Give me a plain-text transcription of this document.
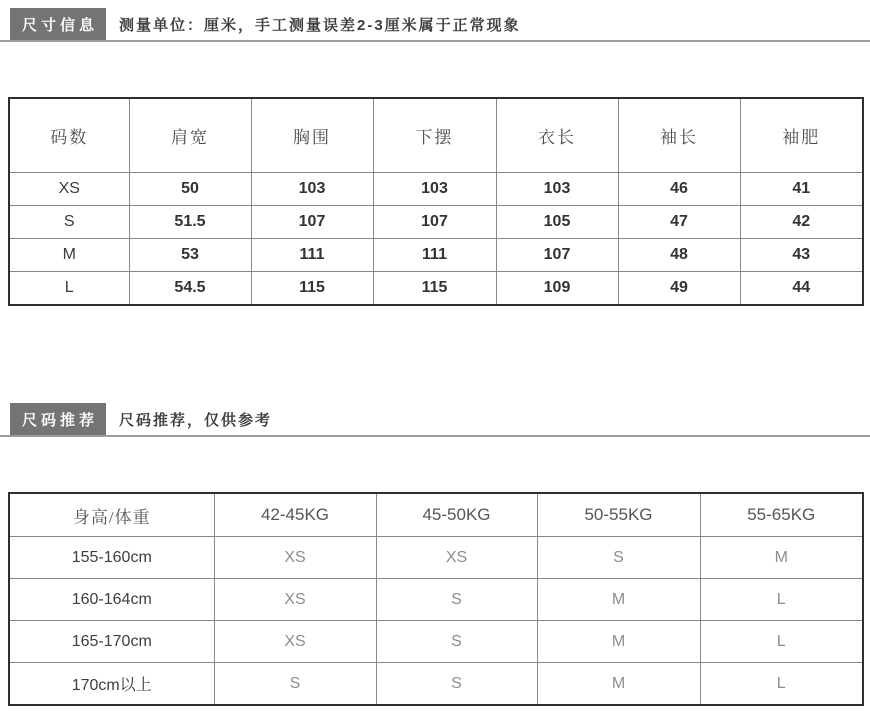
尺寸信息	测量单位：厘米，手工测量误差2-3厘米属于正常现象
码数	肩宽	胸围	下摆	衣长	袖长	袖肥
XS	50	103	103	103	46	41
S	51.5	107	107	105	47	42
M	53	111	111	107	48	43
L	54.5	115	115	109	49	44
尺码推荐	尺码推荐，仅供参考
身高/体重	42-45KG	45-50KG	50-55KG	55-65KG
155-160cm	XS	XS	S	M
160-164cm	XS	S	M	L
165-170cm	XS	S	M	L
170cm以上	S	S	M	L
